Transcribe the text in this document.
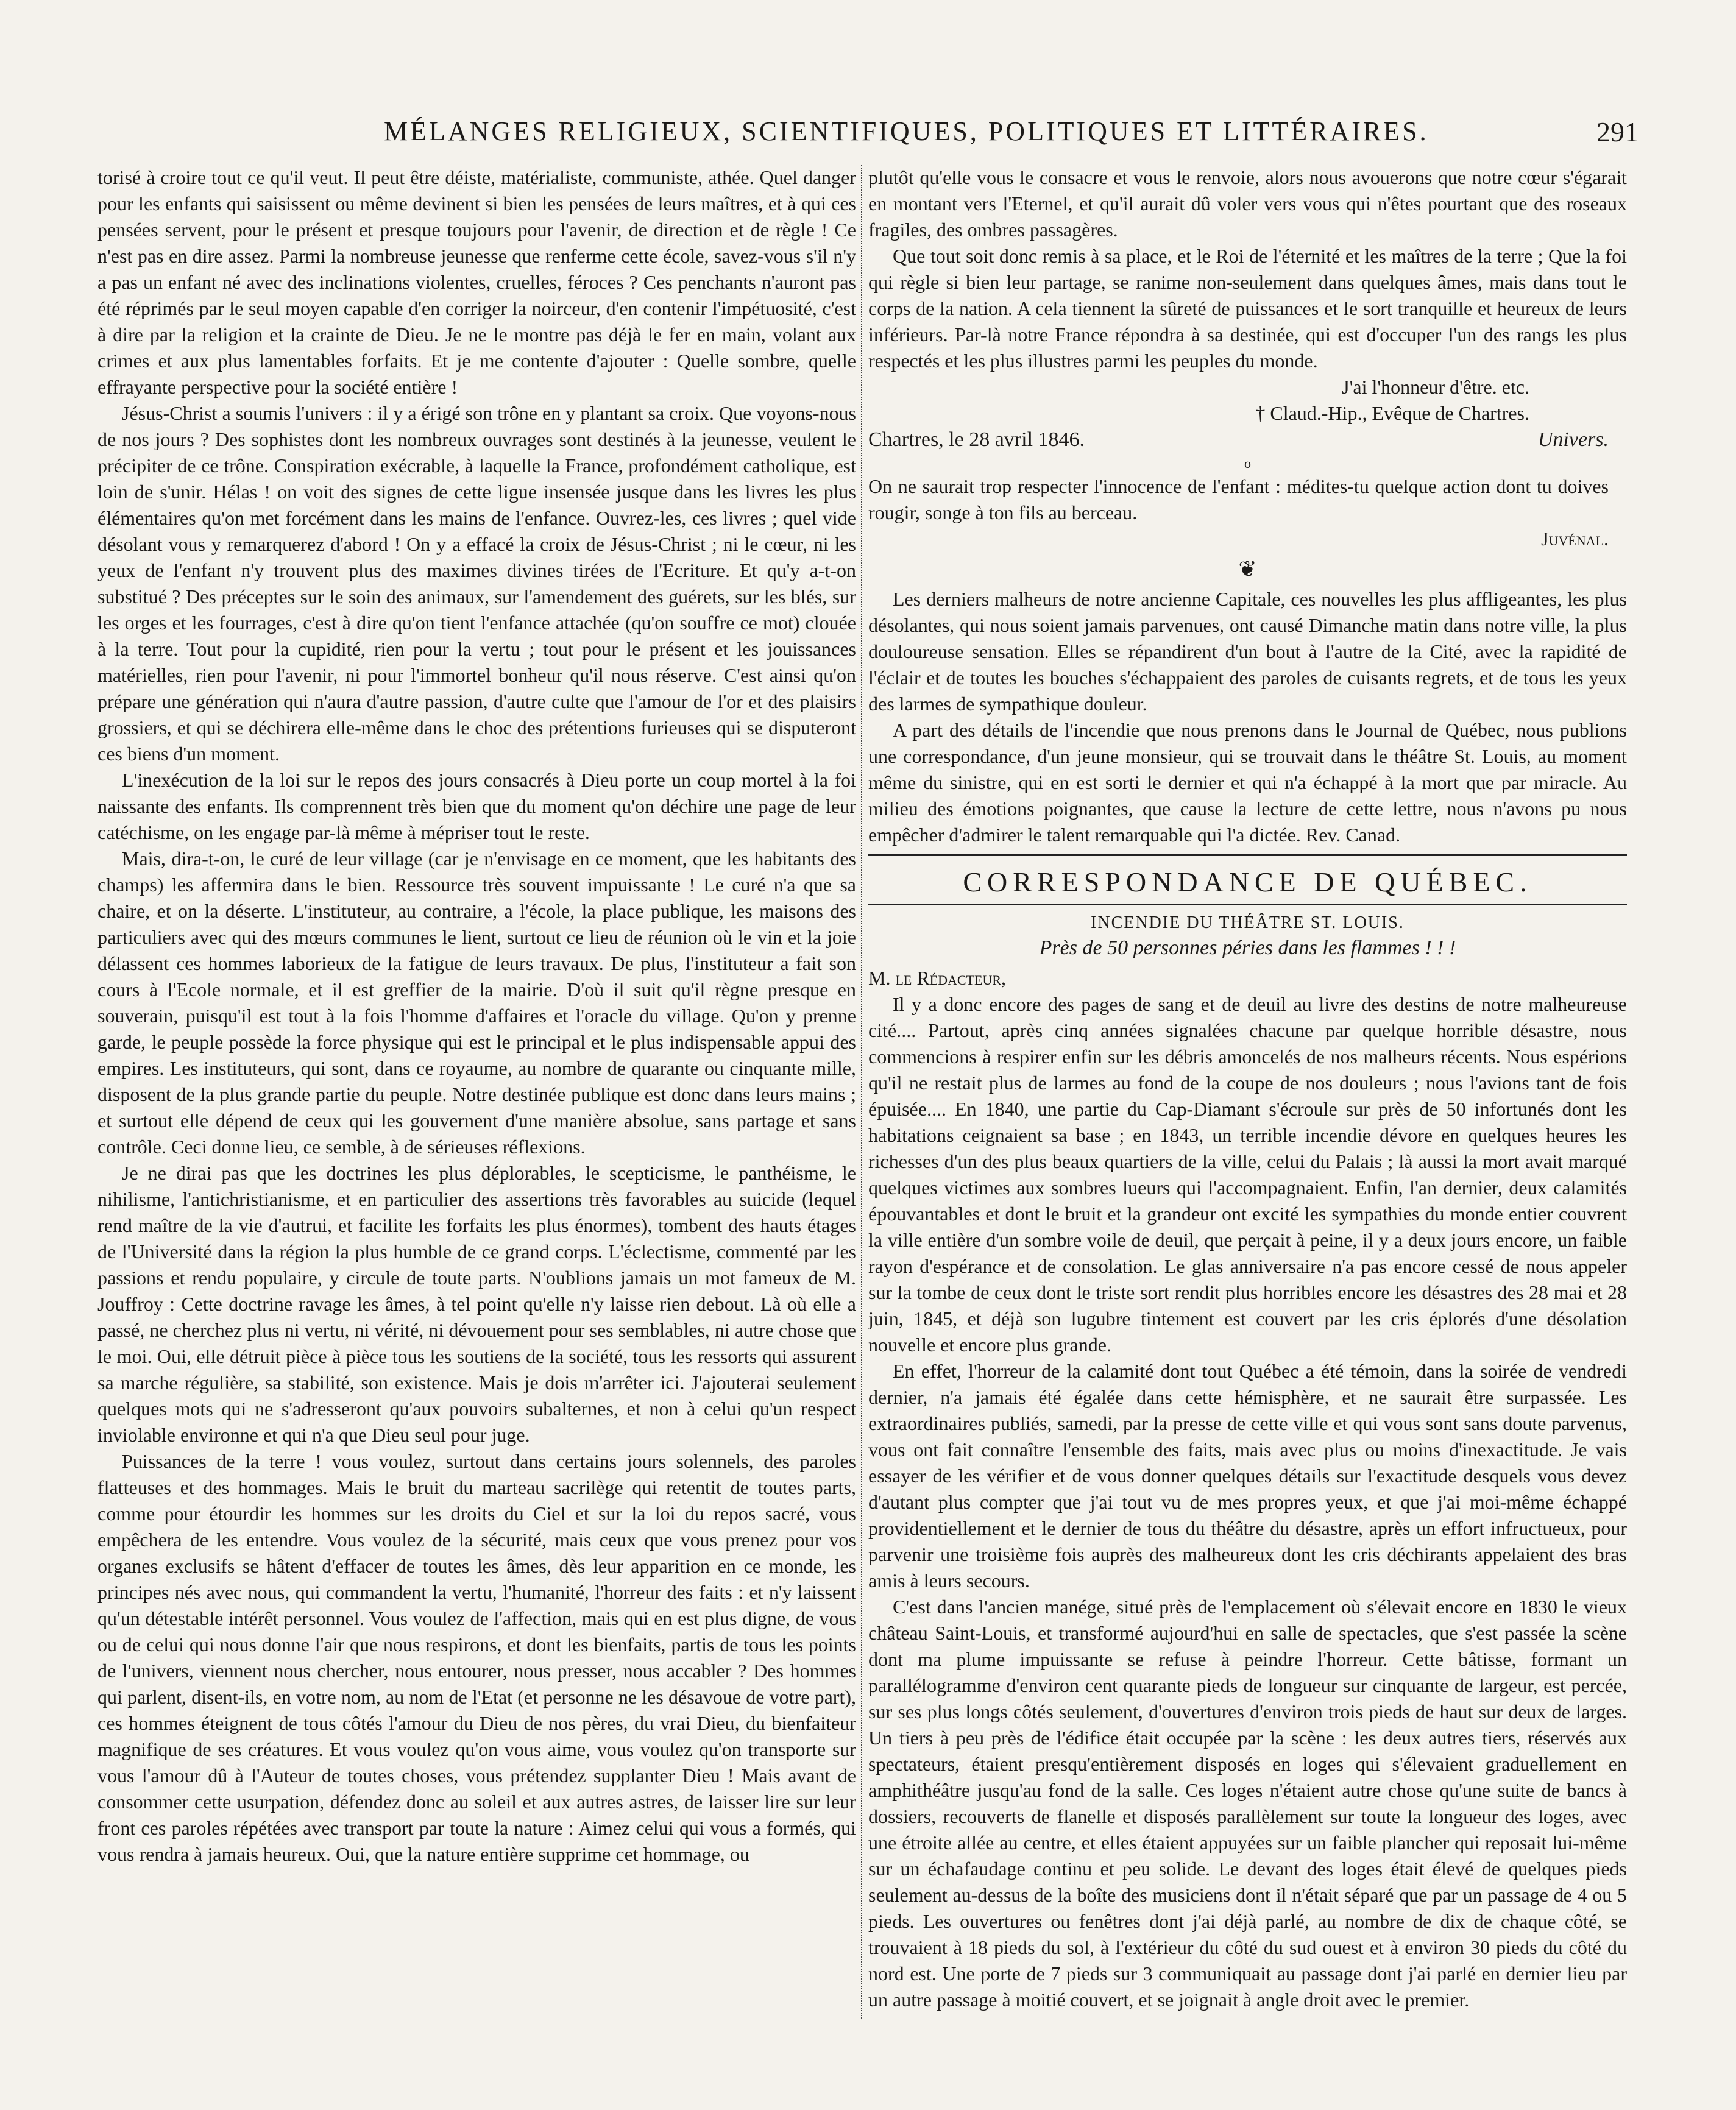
MÉLANGES RELIGIEUX, SCIENTIFIQUES, POLITIQUES ET LITTÉRAIRES.	291

torisé à croire tout ce qu'il veut. Il peut être déiste, matérialiste, communiste, athée. Quel danger pour les enfants qui saisissent ou même devinent si bien les pensées de leurs maîtres, et à qui ces pensées servent, pour le présent et presque toujours pour l'avenir, de direction et de règle ! Ce n'est pas en dire assez. Parmi la nombreuse jeunesse que renferme cette école, savez-vous s'il n'y a pas un enfant né avec des inclinations violentes, cruelles, féroces ? Ces penchants n'auront pas été réprimés par le seul moyen capable d'en corriger la noirceur, d'en contenir l'impétuosité, c'est à dire par la religion et la crainte de Dieu. Je ne le montre pas déjà le fer en main, volant aux crimes et aux plus lamentables forfaits. Et je me contente d'ajouter : Quelle sombre, quelle effrayante perspective pour la société entière !

Jésus-Christ a soumis l'univers : il y a érigé son trône en y plantant sa croix. Que voyons-nous de nos jours ? Des sophistes dont les nombreux ouvrages sont destinés à la jeunesse, veulent le précipiter de ce trône. Conspiration exécrable, à laquelle la France, profondément catholique, est loin de s'unir. Hélas ! on voit des signes de cette ligue insensée jusque dans les livres les plus élémentaires qu'on met forcément dans les mains de l'enfance. Ouvrez-les, ces livres ; quel vide désolant vous y remarquerez d'abord ! On y a effacé la croix de Jésus-Christ ; ni le cœur, ni les yeux de l'enfant n'y trouvent plus des maximes divines tirées de l'Ecriture. Et qu'y a-t-on substitué ? Des préceptes sur le soin des animaux, sur l'amendement des guérets, sur les blés, sur les orges et les fourrages, c'est à dire qu'on tient l'enfance attachée (qu'on souffre ce mot) clouée à la terre. Tout pour la cupidité, rien pour la vertu ; tout pour le présent et les jouissances matérielles, rien pour l'avenir, ni pour l'immortel bonheur qu'il nous réserve. C'est ainsi qu'on prépare une génération qui n'aura d'autre passion, d'autre culte que l'amour de l'or et des plaisirs grossiers, et qui se déchirera elle-même dans le choc des prétentions furieuses qui se disputeront ces biens d'un moment.

L'inexécution de la loi sur le repos des jours consacrés à Dieu porte un coup mortel à la foi naissante des enfants. Ils comprennent très bien que du moment qu'on déchire une page de leur catéchisme, on les engage par-là même à mépriser tout le reste.

Mais, dira-t-on, le curé de leur village (car je n'envisage en ce moment, que les habitants des champs) les affermira dans le bien. Ressource très souvent impuissante ! Le curé n'a que sa chaire, et on la déserte. L'instituteur, au contraire, a l'école, la place publique, les maisons des particuliers avec qui des mœurs communes le lient, surtout ce lieu de réunion où le vin et la joie délassent ces hommes laborieux de la fatigue de leurs travaux. De plus, l'instituteur a fait son cours à l'Ecole normale, et il est greffier de la mairie. D'où il suit qu'il règne presque en souverain, puisqu'il est tout à la fois l'homme d'affaires et l'oracle du village. Qu'on y prenne garde, le peuple possède la force physique qui est le principal et le plus indispensable appui des empires. Les instituteurs, qui sont, dans ce royaume, au nombre de quarante ou cinquante mille, disposent de la plus grande partie du peuple. Notre destinée publique est donc dans leurs mains ; et surtout elle dépend de ceux qui les gouvernent d'une manière absolue, sans partage et sans contrôle. Ceci donne lieu, ce semble, à de sérieuses réflexions.

Je ne dirai pas que les doctrines les plus déplorables, le scepticisme, le panthéisme, le nihilisme, l'antichristianisme, et en particulier des assertions très favorables au suicide (lequel rend maître de la vie d'autrui, et facilite les forfaits les plus énormes), tombent des hauts étages de l'Université dans la région la plus humble de ce grand corps. L'éclectisme, commenté par les passions et rendu populaire, y circule de toute parts. N'oublions jamais un mot fameux de M. Jouffroy : Cette doctrine ravage les âmes, à tel point qu'elle n'y laisse rien debout. Là où elle a passé, ne cherchez plus ni vertu, ni vérité, ni dévouement pour ses semblables, ni autre chose que le moi. Oui, elle détruit pièce à pièce tous les soutiens de la société, tous les ressorts qui assurent sa marche régulière, sa stabilité, son existence. Mais je dois m'arrêter ici. J'ajouterai seulement quelques mots qui ne s'adresseront qu'aux pouvoirs subalternes, et non à celui qu'un respect inviolable environne et qui n'a que Dieu seul pour juge.

Puissances de la terre ! vous voulez, surtout dans certains jours solennels, des paroles flatteuses et des hommages. Mais le bruit du marteau sacrilège qui retentit de toutes parts, comme pour étourdir les hommes sur les droits du Ciel et sur la loi du repos sacré, vous empêchera de les entendre. Vous voulez de la sécurité, mais ceux que vous prenez pour vos organes exclusifs se hâtent d'effacer de toutes les âmes, dès leur apparition en ce monde, les principes nés avec nous, qui commandent la vertu, l'humanité, l'horreur des faits : et n'y laissent qu'un détestable intérêt personnel. Vous voulez de l'affection, mais qui en est plus digne, de vous ou de celui qui nous donne l'air que nous respirons, et dont les bienfaits, partis de tous les points de l'univers, viennent nous chercher, nous entourer, nous presser, nous accabler ? Des hommes qui parlent, disent-ils, en votre nom, au nom de l'Etat (et personne ne les désavoue de votre part), ces hommes éteignent de tous côtés l'amour du Dieu de nos pères, du vrai Dieu, du bienfaiteur magnifique de ses créatures. Et vous voulez qu'on vous aime, vous voulez qu'on transporte sur vous l'amour dû à l'Auteur de toutes choses, vous prétendez supplanter Dieu ! Mais avant de consommer cette usurpation, défendez donc au soleil et aux autres astres, de laisser lire sur leur front ces paroles répétées avec transport par toute la nature : Aimez celui qui vous a formés, qui vous rendra à jamais heureux. Oui, que la nature entière supprime cet hommage, ou

plutôt qu'elle vous le consacre et vous le renvoie, alors nous avouerons que notre cœur s'égarait en montant vers l'Eternel, et qu'il aurait dû voler vers vous qui n'êtes pourtant que des roseaux fragiles, des ombres passagères.

Que tout soit donc remis à sa place, et le Roi de l'éternité et les maîtres de la terre ; Que la foi qui règle si bien leur partage, se ranime non-seulement dans quelques âmes, mais dans tout le corps de la nation. A cela tiennent la sûreté de puissances et le sort tranquille et heureux de leurs inférieurs. Par-là notre France répondra à sa destinée, qui est d'occuper l'un des rangs les plus respectés et les plus illustres parmi les peuples du monde.

J'ai l'honneur d'être. etc.

† Claud.-Hip., Evêque de Chartres.

Chartres, le 28 avril 1846.	Univers.
o
On ne saurait trop respecter l'innocence de l'enfant : médites-tu quelque action dont tu doives rougir, songe à ton fils au berceau.
Juvénal.
❦

Les derniers malheurs de notre ancienne Capitale, ces nouvelles les plus affligeantes, les plus désolantes, qui nous soient jamais parvenues, ont causé Dimanche matin dans notre ville, la plus douloureuse sensation. Elles se répandirent d'un bout à l'autre de la Cité, avec la rapidité de l'éclair et de toutes les bouches s'échappaient des paroles de cuisants regrets, et de tous les yeux des larmes de sympathique douleur.

A part des détails de l'incendie que nous prenons dans le Journal de Québec, nous publions une correspondance, d'un jeune monsieur, qui se trouvait dans le théâtre St. Louis, au moment même du sinistre, qui en est sorti le dernier et qui n'a échappé à la mort que par miracle. Au milieu des émotions poignantes, que cause la lecture de cette lettre, nous n'avons pu nous empêcher d'admirer le talent remarquable qui l'a dictée. Rev. Canad.

CORRESPONDANCE DE QUÉBEC.
INCENDIE DU THÉÂTRE ST. LOUIS.
Près de 50 personnes péries dans les flammes ! ! !

M. le Rédacteur,

Il y a donc encore des pages de sang et de deuil au livre des destins de notre malheureuse cité.... Partout, après cinq années signalées chacune par quelque horrible désastre, nous commencions à respirer enfin sur les débris amoncelés de nos malheurs récents. Nous espérions qu'il ne restait plus de larmes au fond de la coupe de nos douleurs ; nous l'avions tant de fois épuisée.... En 1840, une partie du Cap-Diamant s'écroule sur près de 50 infortunés dont les habitations ceignaient sa base ; en 1843, un terrible incendie dévore en quelques heures les richesses d'un des plus beaux quartiers de la ville, celui du Palais ; là aussi la mort avait marqué quelques victimes aux sombres lueurs qui l'accompagnaient. Enfin, l'an dernier, deux calamités épouvantables et dont le bruit et la grandeur ont excité les sympathies du monde entier couvrent la ville entière d'un sombre voile de deuil, que perçait à peine, il y a deux jours encore, un faible rayon d'espérance et de consolation. Le glas anniversaire n'a pas encore cessé de nous appeler sur la tombe de ceux dont le triste sort rendit plus horribles encore les désastres des 28 mai et 28 juin, 1845, et déjà son lugubre tintement est couvert par les cris éplorés d'une désolation nouvelle et encore plus grande.

En effet, l'horreur de la calamité dont tout Québec a été témoin, dans la soirée de vendredi dernier, n'a jamais été égalée dans cette hémisphère, et ne saurait être surpassée. Les extraordinaires publiés, samedi, par la presse de cette ville et qui vous sont sans doute parvenus, vous ont fait connaître l'ensemble des faits, mais avec plus ou moins d'inexactitude. Je vais essayer de les vérifier et de vous donner quelques détails sur l'exactitude desquels vous devez d'autant plus compter que j'ai tout vu de mes propres yeux, et que j'ai moi-même échappé providentiellement et le dernier de tous du théâtre du désastre, après un effort infructueux, pour parvenir une troisième fois auprès des malheureux dont les cris déchirants appelaient des bras amis à leurs secours.

C'est dans l'ancien manége, situé près de l'emplacement où s'élevait encore en 1830 le vieux château Saint-Louis, et transformé aujourd'hui en salle de spectacles, que s'est passée la scène dont ma plume impuissante se refuse à peindre l'horreur. Cette bâtisse, formant un parallélogramme d'environ cent quarante pieds de longueur sur cinquante de largeur, est percée, sur ses plus longs côtés seulement, d'ouvertures d'environ trois pieds de haut sur deux de larges. Un tiers à peu près de l'édifice était occupée par la scène : les deux autres tiers, réservés aux spectateurs, étaient presqu'entièrement disposés en loges qui s'élevaient graduellement en amphithéâtre jusqu'au fond de la salle. Ces loges n'étaient autre chose qu'une suite de bancs à dossiers, recouverts de flanelle et disposés parallèlement sur toute la longueur des loges, avec une étroite allée au centre, et elles étaient appuyées sur un faible plancher qui reposait lui-même sur un échafaudage continu et peu solide. Le devant des loges était élevé de quelques pieds seulement au-dessus de la boîte des musiciens dont il n'était séparé que par un passage de 4 ou 5 pieds. Les ouvertures ou fenêtres dont j'ai déjà parlé, au nombre de dix de chaque côté, se trouvaient à 18 pieds du sol, à l'extérieur du côté du sud ouest et à environ 30 pieds du côté du nord est. Une porte de 7 pieds sur 3 communiquait au passage dont j'ai parlé en dernier lieu par un autre passage à moitié couvert, et se joignait à angle droit avec le premier.
